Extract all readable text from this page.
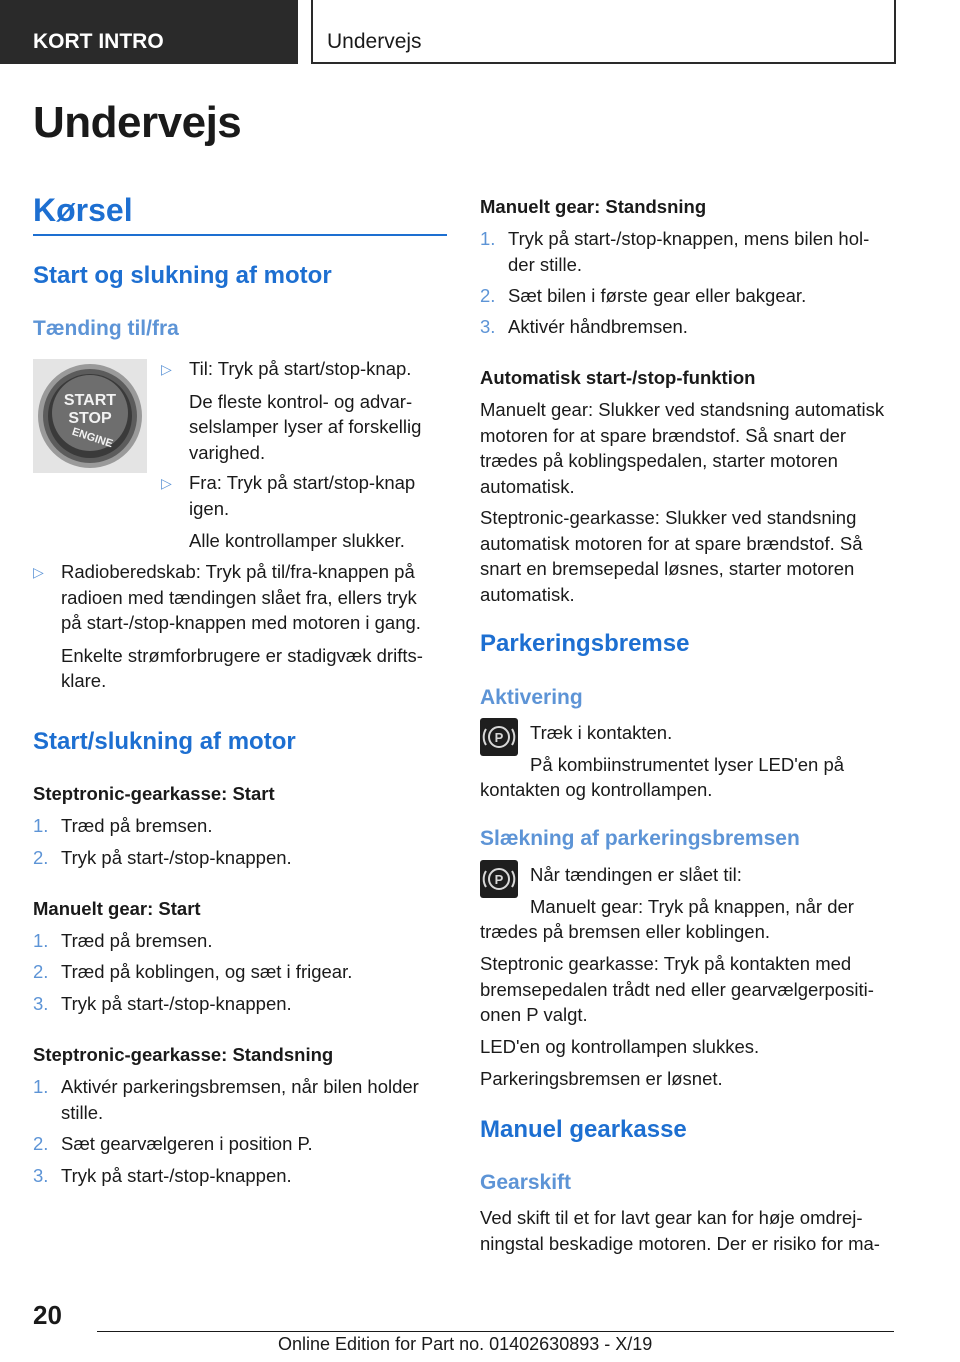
KORT INTRO	Undervejs
Undervejs
Kørsel
Start og slukning af motor
Tænding til/fra
START
STOP
ENGINE
▷ Til: Tryk på start/stop-knap.
De fleste kontrol- og advar-
selslamper lyser af forskellig
varighed.
▷ Fra: Tryk på start/stop-knap
igen.
Alle kontrollamper slukker.
▷ Radioberedskab: Tryk på til/fra-knappen på
radioen med tændingen slået fra, ellers tryk
på start-/stop-knappen med motoren i gang.
Enkelte strømforbrugere er stadigvæk drifts-
klare.
Start/slukning af motor

Steptronic-gearkasse: Start

1. Træd på bremsen.
2. Tryk på start-/stop-knappen.

Manuelt gear: Start

1. Træd på bremsen.
2. Træd på koblingen, og sæt i frigear.
3. Tryk på start-/stop-knappen.

Steptronic-gearkasse: Standsning

1. Aktivér parkeringsbremsen, når bilen holder
stille.
2. Sæt gearvælgeren i position P.
3. Tryk på start-/stop-knappen.

Manuelt gear: Standsning

1. Tryk på start-/stop-knappen, mens bilen hol-
der stille.
2. Sæt bilen i første gear eller bakgear.
3. Aktivér håndbremsen.

Automatisk start-/stop-funktion

Manuelt gear: Slukker ved standsning automatisk

motoren for at spare brændstof. Så snart der

trædes på koblingspedalen, starter motoren

automatisk.

Steptronic-gearkasse: Slukker ved standsning

automatisk motoren for at spare brændstof. Så

snart en bremsepedal løsnes, starter motoren

automatisk.

Parkeringsbremse
Aktivering
P Træk i kontakten.

På kombiinstrumentet lyser LED'en på

kontakten og kontrollampen.

Slækning af parkeringsbremsen
P Når tændingen er slået til:

Manuelt gear: Tryk på knappen, når der

trædes på bremsen eller koblingen.

Steptronic gearkasse: Tryk på kontakten med

bremsepedalen trådt ned eller gearvælgerpositi-

onen P valgt.

LED'en og kontrollampen slukkes.

Parkeringsbremsen er løsnet.

Manuel gearkasse
Gearskift

Ved skift til et for lavt gear kan for høje omdrej-

ningstal beskadige motoren. Der er risiko for ma-

20
Online Edition for Part no. 01402630893 - X/19
